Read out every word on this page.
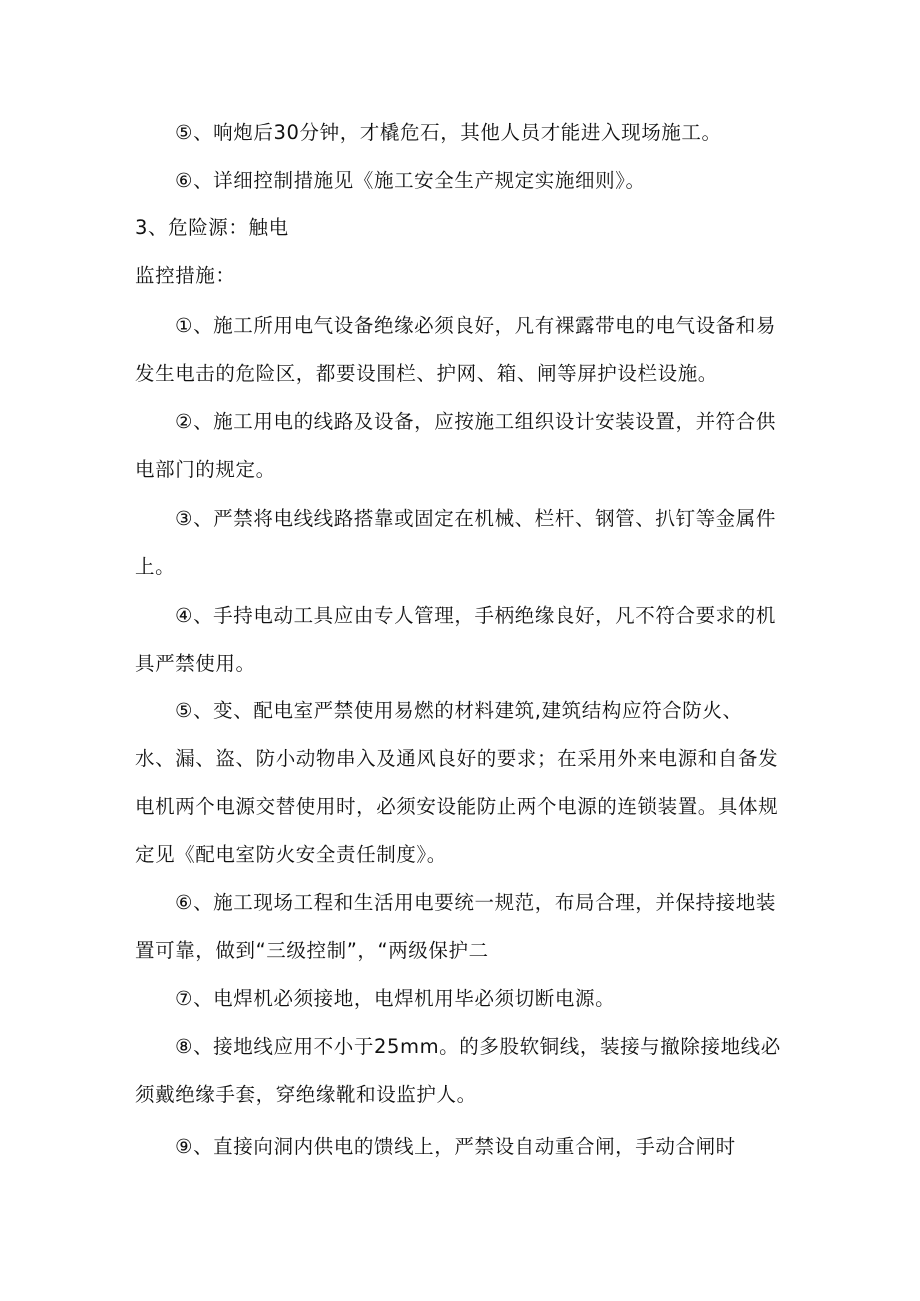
⑤、响炮后30分钟，才橇危石，其他人员才能进入现场施工。
⑥、详细控制措施见《施工安全生产规定实施细则》。
3、危险源：触电
监控措施：
①、施工所用电气设备绝缘必须良好，凡有裸露带电的电气设备和易
发生电击的危险区，都要设围栏、护网、箱、闸等屏护设栏设施。
②、施工用电的线路及设备，应按施工组织设计安装设置，并符合供
电部门的规定。
③、严禁将电线线路搭靠或固定在机械、栏杆、钢管、扒钉等金属件
上。
④、手持电动工具应由专人管理，手柄绝缘良好，凡不符合要求的机
具严禁使用。
⑤、变、配电室严禁使用易燃的材料建筑,建筑结构应符合防火、
水、漏、盗、防小动物串入及通风良好的要求；在采用外来电源和自备发
电机两个电源交替使用时，必须安设能防止两个电源的连锁装置。具体规
定见《配电室防火安全责任制度》。
⑥、施工现场工程和生活用电要统一规范，布局合理，并保持接地装
置可靠，做到“三级控制”，“两级保护二
⑦、电焊机必须接地，电焊机用毕必须切断电源。
⑧、接地线应用不小于25mm。的多股软铜线，装接与撤除接地线必
须戴绝缘手套，穿绝缘靴和设监护人。
⑨、直接向洞内供电的馈线上，严禁设自动重合闸，手动合闸时
